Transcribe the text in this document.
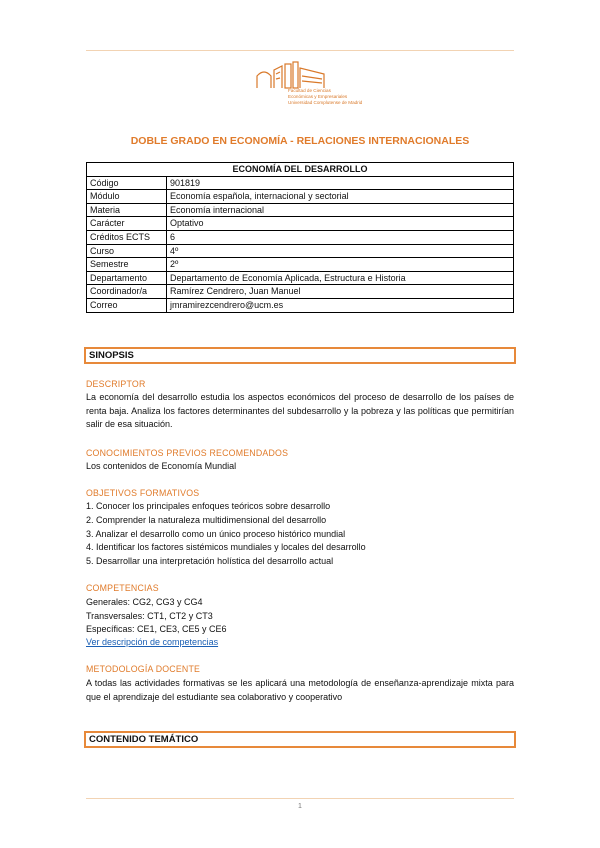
Facultad de Ciencias
Económicas y Empresariales
Universidad Complutense de Madrid
DOBLE GRADO EN ECONOMÍA - RELACIONES INTERNACIONALES
ECONOMÍA DEL DESARROLLO	
Código	901819
Módulo	Economía española, internacional y sectorial
Materia	Economía internacional
Carácter	Optativo
Créditos ECTS	6
Curso	4º
Semestre	2º
Departamento	Departamento de Economía Aplicada, Estructura e Historia
Coordinador/a	Ramírez Cendrero, Juan Manuel
Correo	jmramirezcendrero@ucm.es
SINOPSIS
DESCRIPTOR
La economía del desarrollo estudia los aspectos económicos del proceso de desarrollo de los países de renta baja. Analiza los factores determinantes del subdesarrollo y la pobreza y las políticas que permitirían salir de esa situación.
CONOCIMIENTOS PREVIOS RECOMENDADOS
Los contenidos de Economía Mundial
OBJETIVOS FORMATIVOS
1. Conocer los principales enfoques teóricos sobre desarrollo
2. Comprender la naturaleza multidimensional del desarrollo
3. Analizar el desarrollo como un único proceso histórico mundial
4. Identificar los factores sistémicos mundiales y locales del desarrollo
5. Desarrollar una interpretación holística del desarrollo actual
COMPETENCIAS
Generales: CG2, CG3 y CG4
Transversales: CT1, CT2 y CT3
Específicas: CE1, CE3, CE5 y CE6
Ver descripción de competencias
METODOLOGÍA DOCENTE
A todas las actividades formativas se les aplicará una metodología de enseñanza-aprendizaje mixta para que el aprendizaje del estudiante sea colaborativo y cooperativo
CONTENIDO TEMÁTICO
1
